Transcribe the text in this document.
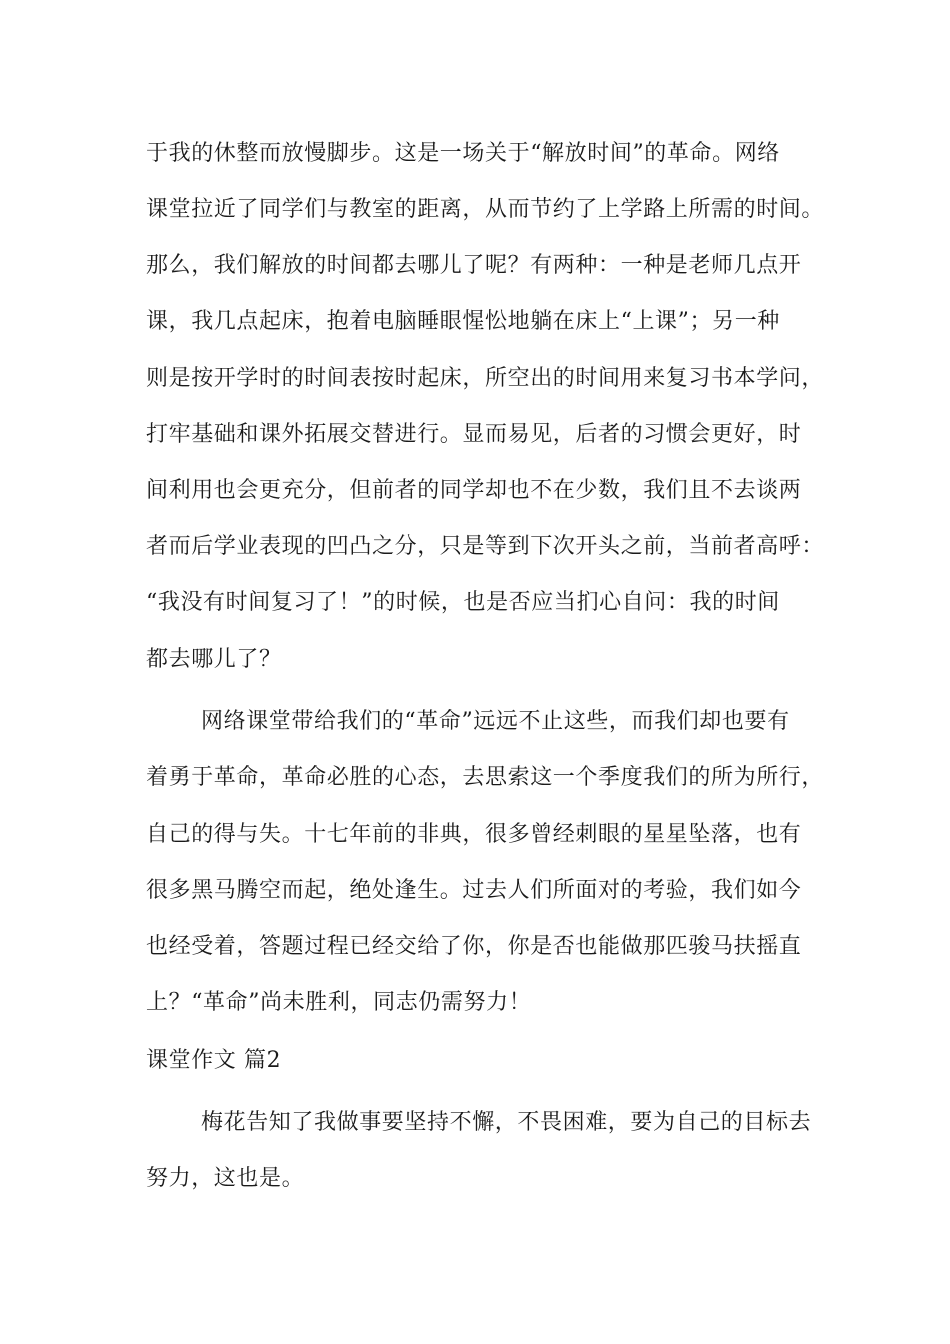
于我的休整而放慢脚步。这是一场关于“解放时间”的革命。网络
课堂拉近了同学们与教室的距离，从而节约了上学路上所需的时间。
那么，我们解放的时间都去哪儿了呢？有两种：一种是老师几点开
课，我几点起床，抱着电脑睡眼惺忪地躺在床上“上课”；另一种
则是按开学时的时间表按时起床，所空出的时间用来复习书本学问，
打牢基础和课外拓展交替进行。显而易见，后者的习惯会更好，时
间利用也会更充分，但前者的同学却也不在少数，我们且不去谈两
者而后学业表现的凹凸之分，只是等到下次开头之前，当前者高呼：
“我没有时间复习了！”的时候，也是否应当扪心自问：我的时间
都去哪儿了？
网络课堂带给我们的“革命”远远不止这些，而我们却也要有
着勇于革命，革命必胜的心态，去思索这一个季度我们的所为所行，
自己的得与失。十七年前的非典，很多曾经刺眼的星星坠落，也有
很多黑马腾空而起，绝处逢生。过去人们所面对的考验，我们如今
也经受着，答题过程已经交给了你，你是否也能做那匹骏马扶摇直
上？“革命”尚未胜利，同志仍需努力！
课堂作文 篇2
梅花告知了我做事要坚持不懈，不畏困难，要为自己的目标去
努力，这也是。
